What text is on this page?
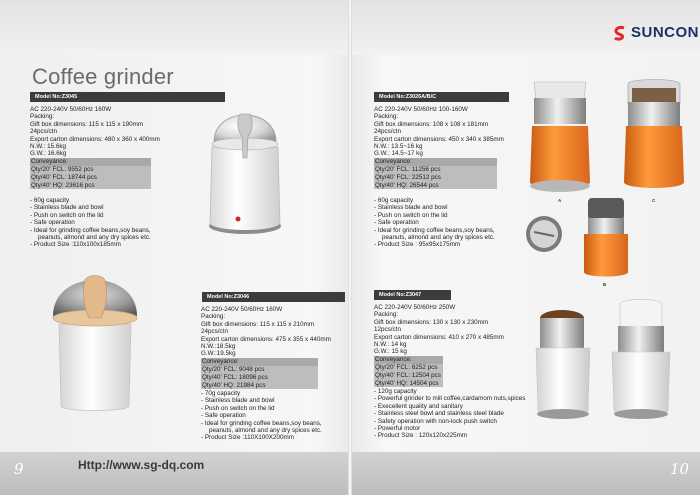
Coffee grinder
SUNCON
Model No:Z3045
AC 220-240V 50/60Hz 160W
Packing:
Gift box dimensions: 115 x 115 x 190mm
24pcs/ctn
Export carton dimensions: 480 x 360 x 400mm
N.W.: 15.6kg
G.W.: 16.6kg
Conveyance:
Qty/20' FCL: 9552 pcs
Qty/40' FCL: 18744 pcs
Qty/40' HQ: 23616 pcs
- 60g capacity
- Stainless blade and bowl
- Push on switch on the lid
- Safe operation
- Ideal for grinding coffee beans,soy beans,
peanuts, almond and any dry spices etc.
- Product Size :110x100x185mm
Model No:Z3046
AC 220-240V 50/60Hz 160W
Packing:
Gift box dimensions: 115 x 115 x 210mm
24pcs/ctn
Export carton dimensions: 475 x 355 x 440mm
N.W.:18.5kg
G.W.:19.5kg
Conveyance:
Qty/20' FCL: 9048 pcs
Qty/40' FCL: 18096 pcs
Qty/40' HQ: 21984 pcs
- 70g capacity
- Stainless blade and bowl
- Push on switch on the lid
- Safe operation
- Ideal for grinding coffee beans,soy beans,
peanuts, almond and any dry spices etc.
- Product Size :110X100X200mm
Model No:Z3026A/B/C
AC 220-240V 50/60Hz 100-160W
Packing:
Gift box dimensions: 108 x 108 x 181mm
24pcs/ctn
Export carton dimensions: 450 x 340 x 385mm
N.W.: 13.5~16 kg
G.W.: 14.5~17 kg
Conveyance:
Qty/20' FCL: 11256 pcs
Qty/40' FCL: 22512 pcs
Qty/40' HQ: 26544 pcs
- 60g capacity
- Stainless blade and bowl
- Push on switch on the lid
- Safe operation
- Ideal for grinding coffee beans,soy beans,
peanuts, almond and any dry spices etc.
- Product Size : 95x95x175mm
A	C
B
Model No:Z3047
AC 220-240V 50/60Hz 250W
Packing:
Gift box dimensions: 130 x 130 x 230mm
12pcs/ctn
Export carton dimensions: 410 x 270 x 485mm
N.W.: 14 kg
G.W.: 15 kg
Conveyance:
Qty/20' FCL: 6252 pcs
Qty/40' FCL: 12504 pcs
Qty/40' HQ: 14504 pcs
- 120g capacity
- Powerful grinder to mill coffee,cardamom nuts,spices
- Execellent quality and sanitary
- Stainless steel bowl and stainless steel blade
- Safety operation with non-lock push switch
- Powerful motor
- Product Size : 120x120x225mm
9	Http://www.sg-dq.com	10
